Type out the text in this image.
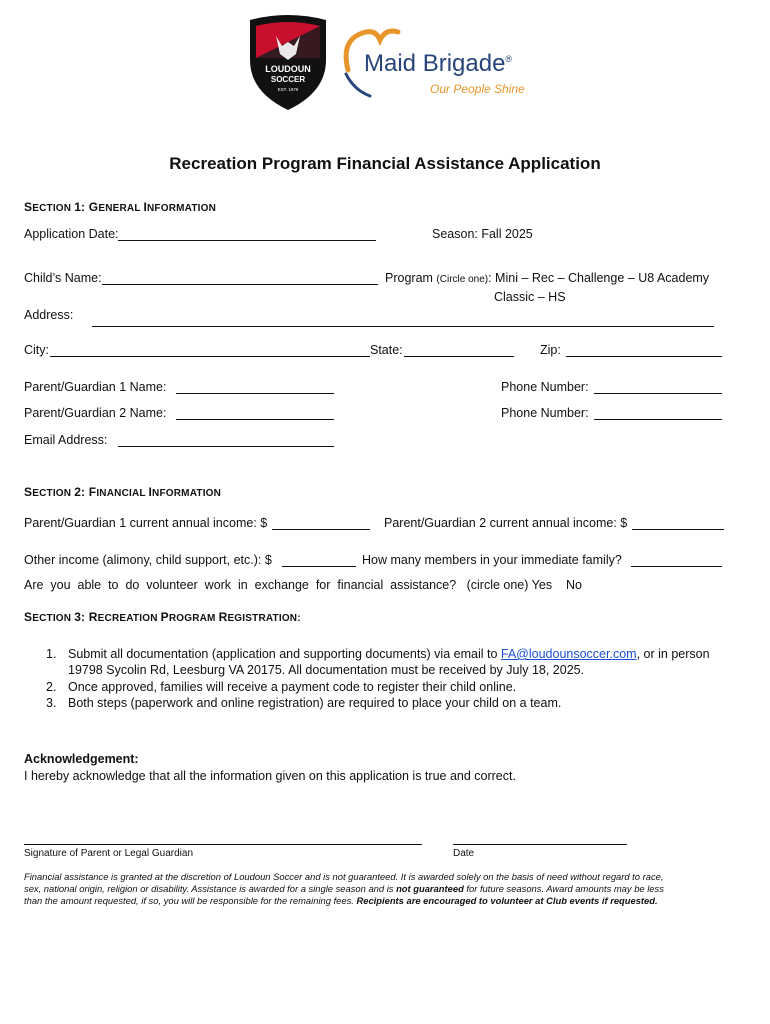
LOUDOUN
SOCCER
EST. 1976
Maid Brigade®
Our People Shine
Recreation Program Financial Assistance Application
SECTION 1: GENERAL INFORMATION
Application Date:	Season: Fall 2025
Child’s Name:	Program (Circle one): Mini – Rec – Challenge – U8 Academy
Classic – HS
Address:
City:	State:	Zip:
Parent/Guardian 1 Name:	Phone Number:
Parent/Guardian 2 Name:	Phone Number:
Email Address:
SECTION 2: FINANCIAL INFORMATION
Parent/Guardian 1 current annual income: $	Parent/Guardian 2 current annual income: $
Other income (alimony, child support, etc.): $	How many members in your immediate family?
Are  you  able  to  do  volunteer  work  in  exchange  for  financial  assistance?   (circle one) Yes    No
SECTION 3: RECREATION PROGRAM REGISTRATION:
1. Submit all documentation (application and supporting documents) via email to FA@loudounsoccer.com, or in person
19798 Sycolin Rd, Leesburg VA 20175. All documentation must be received by July 18, 2025.
2. Once approved, families will receive a payment code to register their child online.
3. Both steps (paperwork and online registration) are required to place your child on a team.
Acknowledgement:
I hereby acknowledge that all the information given on this application is true and correct.
Signature of Parent or Legal Guardian	Date
Financial assistance is granted at the discretion of Loudoun Soccer and is not guaranteed. It is awarded solely on the basis of need without regard to race,
sex, national origin, religion or disability. Assistance is awarded for a single season and is not guaranteed for future seasons. Award amounts may be less
than the amount requested, if so, you will be responsible for the remaining fees. Recipients are encouraged to volunteer at Club events if requested.
